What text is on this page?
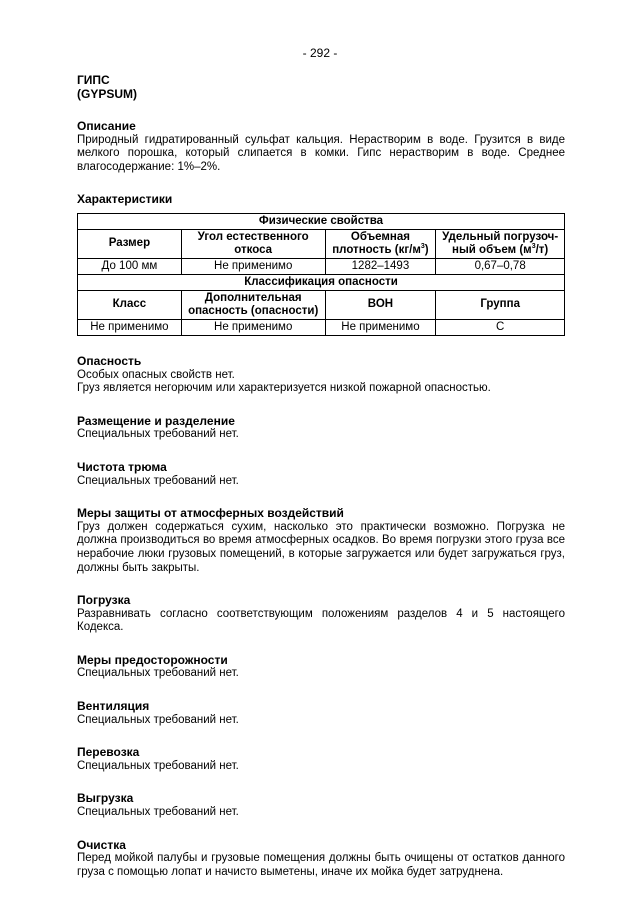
- 292 -
ГИПС
(GYPSUM)

Описание

Природный гидратированный сульфат кальция. Нерастворим в воде. Грузится в виде мелкого порошка, который слипается в комки. Гипс нерастворим в воде. Среднее влагосодержание: 1%–2%.

Характеристики

Физические свойства			
Размер	Угол естественного откоса	Объемная плотность $(кг/м^3)$	Удельный погрузоч-ный объем $(м^3/т)$
До 100 мм	Не применимо	1282–1493	0,67–0,78
Классификация опасности			
Класс	Дополнительная опасность (опасности)	ВОН	Группа
Не применимо	Не применимо	Не применимо	С

Опасность

Особых опасных свойств нет.

Груз является негорючим или характеризуется низкой пожарной опасностью.

Размещение и разделение

Специальных требований нет.

Чистота трюма

Специальных требований нет.

Меры защиты от атмосферных воздействий

Груз должен содержаться сухим, насколько это практически возможно. Погрузка не должна производиться во время атмосферных осадков. Во время погрузки этого груза все нерабочие люки грузовых помещений, в которые загружается или будет загружаться груз, должны быть закрыты.

Погрузка

Разравнивать согласно соответствующим положениям разделов 4 и 5 настоящего Кодекса.

Меры предосторожности

Специальных требований нет.

Вентиляция

Специальных требований нет.

Перевозка

Специальных требований нет.

Выгрузка

Специальных требований нет.

Очистка

Перед мойкой палубы и грузовые помещения должны быть очищены от остатков данного груза с помощью лопат и начисто выметены, иначе их мойка будет затруднена.
